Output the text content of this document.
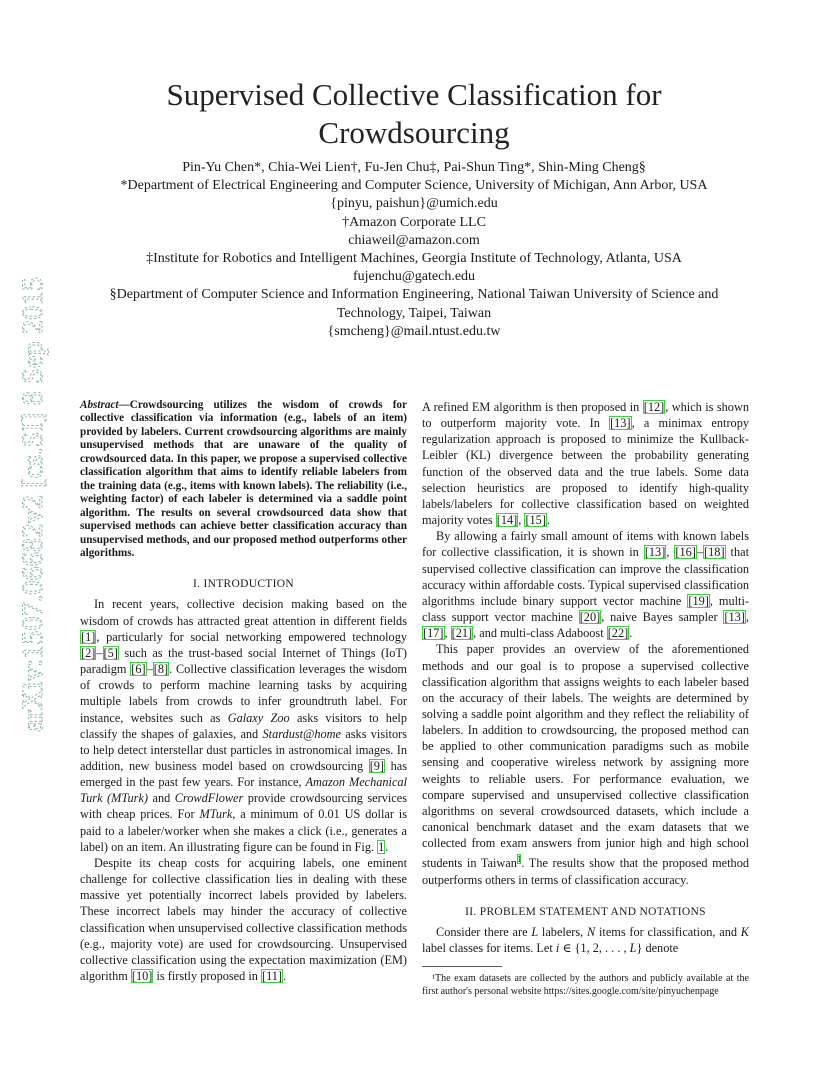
arXiv:1507.06682v2 [cs.SI] 8 Sep 2015
Supervised Collective Classification for
Crowdsourcing
Pin-Yu Chen*, Chia-Wei Lien†, Fu-Jen Chu‡, Pai-Shun Ting*, Shin-Ming Cheng§
*Department of Electrical Engineering and Computer Science, University of Michigan, Ann Arbor, USA
{pinyu, paishun}@umich.edu
†Amazon Corporate LLC
chiaweil@amazon.com
‡Institute for Robotics and Intelligent Machines, Georgia Institute of Technology, Atlanta, USA
fujenchu@gatech.edu
§Department of Computer Science and Information Engineering, National Taiwan University of Science and
Technology, Taipei, Taiwan
{smcheng}@mail.ntust.edu.tw

Abstract—Crowdsourcing utilizes the wisdom of crowds for collective classification via information (e.g., labels of an item) provided by labelers. Current crowdsourcing algorithms are mainly unsupervised methods that are unaware of the quality of crowdsourced data. In this paper, we propose a supervised collective classification algorithm that aims to identify reliable labelers from the training data (e.g., items with known labels). The reliability (i.e., weighting factor) of each labeler is determined via a saddle point algorithm. The results on several crowdsourced data show that supervised methods can achieve better classification accuracy than unsupervised methods, and our proposed method outperforms other algorithms.

I. INTRODUCTION

In recent years, collective decision making based on the wisdom of crowds has attracted great attention in different fields [1], particularly for social networking empowered technology [2]–[5] such as the trust-based social Internet of Things (IoT) paradigm [6]–[8]. Collective classification leverages the wisdom of crowds to perform machine learning tasks by acquiring multiple labels from crowds to infer groundtruth label. For instance, websites such as Galaxy Zoo asks visitors to help classify the shapes of galaxies, and Stardust@home asks visitors to help detect interstellar dust particles in astronomical images. In addition, new business model based on crowdsourcing [9] has emerged in the past few years. For instance, Amazon Mechanical Turk (MTurk) and CrowdFlower provide crowdsourcing services with cheap prices. For MTurk, a minimum of 0.01 US dollar is paid to a labeler/worker when she makes a click (i.e., generates a label) on an item. An illustrating figure can be found in Fig. 1.

Despite its cheap costs for acquiring labels, one eminent challenge for collective classification lies in dealing with these massive yet potentially incorrect labels provided by labelers. These incorrect labels may hinder the accuracy of collective classification when unsupervised collective classification methods (e.g., majority vote) are used for crowdsourcing. Unsupervised collective classification using the expectation maximization (EM) algorithm [10] is firstly proposed in [11].

A refined EM algorithm is then proposed in [12], which is shown to outperform majority vote. In [13], a minimax entropy regularization approach is proposed to minimize the Kullback- Leibler (KL) divergence between the probability generating function of the observed data and the true labels. Some data selection heuristics are proposed to identify high-quality labels/labelers for collective classification based on weighted majority votes [14], [15].

By allowing a fairly small amount of items with known labels for collective classification, it is shown in [13], [16]–[18] that supervised collective classification can improve the classification accuracy within affordable costs. Typical supervised classification algorithms include binary support vector machine [19], multi-class support vector machine [20], naive Bayes sampler [13], [17], [21], and multi-class Adaboost [22].

This paper provides an overview of the aforementioned methods and our goal is to propose a supervised collective classification algorithm that assigns weights to each labeler based on the accuracy of their labels. The weights are determined by solving a saddle point algorithm and they reflect the reliability of labelers. In addition to crowdsourcing, the proposed method can be applied to other communication paradigms such as mobile sensing and cooperative wireless network by assigning more weights to reliable users. For performance evaluation, we compare supervised and unsupervised collective classification algorithms on several crowdsourced datasets, which include a canonical benchmark dataset and the exam datasets that we collected from exam answers from junior high and high school students in Taiwan$^1$. The results show that the proposed method outperforms others in terms of classification accuracy.

II. PROBLEM STATEMENT AND NOTATIONS

Consider there are L labelers, N items for classification, and K label classes for items. Let i ∈ {1, 2, . . . , L} denote

¹The exam datasets are collected by the authors and publicly available at the first author's personal website https://sites.google.com/site/pinyuchenpage
